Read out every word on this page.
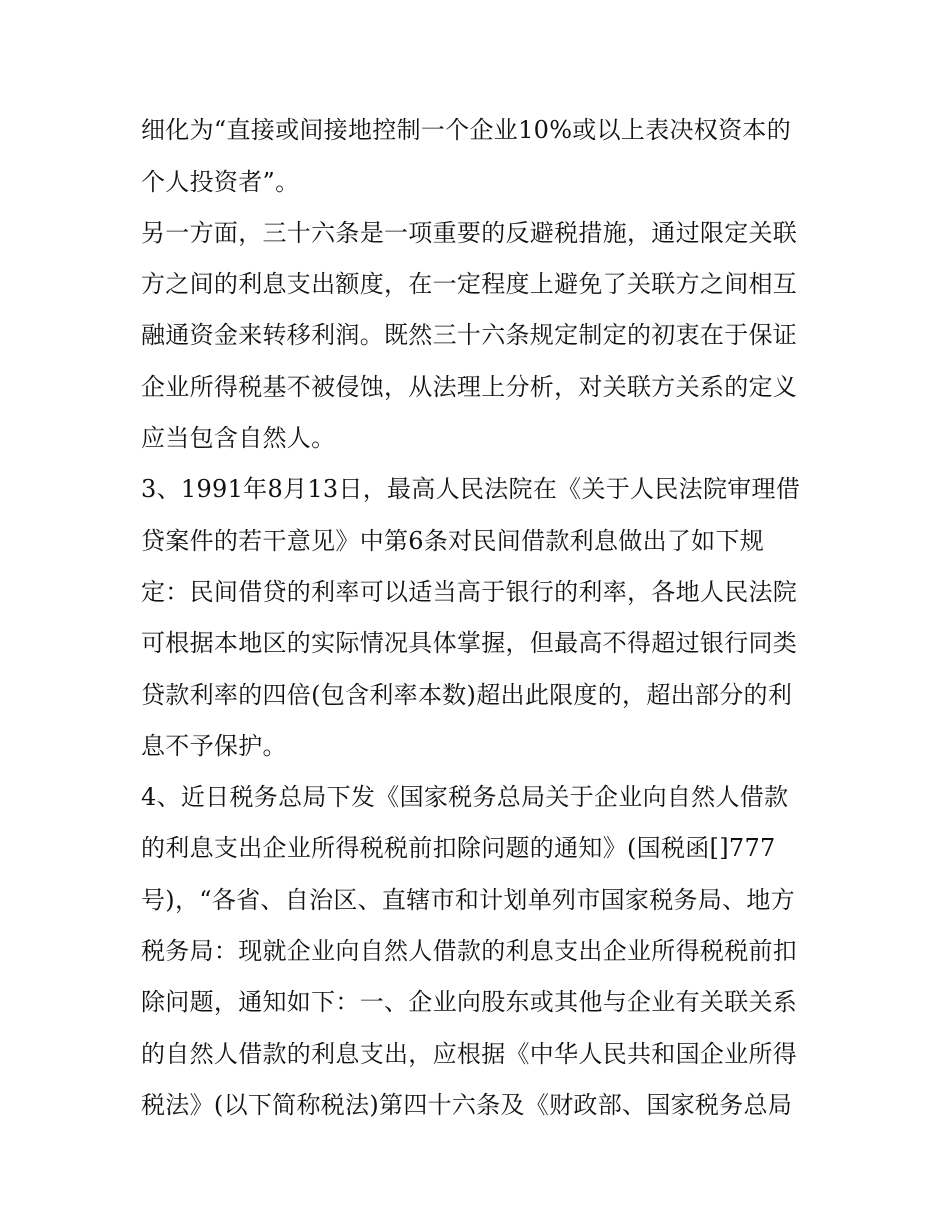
细化为“直接或间接地控制一个企业10%或以上表决权资本的
个人投资者”。
另一方面，三十六条是一项重要的反避税措施，通过限定关联
方之间的利息支出额度，在一定程度上避免了关联方之间相互
融通资金来转移利润。既然三十六条规定制定的初衷在于保证
企业所得税基不被侵蚀，从法理上分析，对关联方关系的定义
应当包含自然人。
3、1991年8月13日，最高人民法院在《关于人民法院审理借
贷案件的若干意见》中第6条对民间借款利息做出了如下规
定：民间借贷的利率可以适当高于银行的利率，各地人民法院
可根据本地区的实际情况具体掌握，但最高不得超过银行同类
贷款利率的四倍(包含利率本数)超出此限度的，超出部分的利
息不予保护。
4、近日税务总局下发《国家税务总局关于企业向自然人借款
的利息支出企业所得税税前扣除问题的通知》(国税函[]777
号)，“各省、自治区、直辖市和计划单列市国家税务局、地方
税务局：现就企业向自然人借款的利息支出企业所得税税前扣
除问题，通知如下：一、企业向股东或其他与企业有关联关系
的自然人借款的利息支出，应根据《中华人民共和国企业所得
税法》(以下简称税法)第四十六条及《财政部、国家税务总局
